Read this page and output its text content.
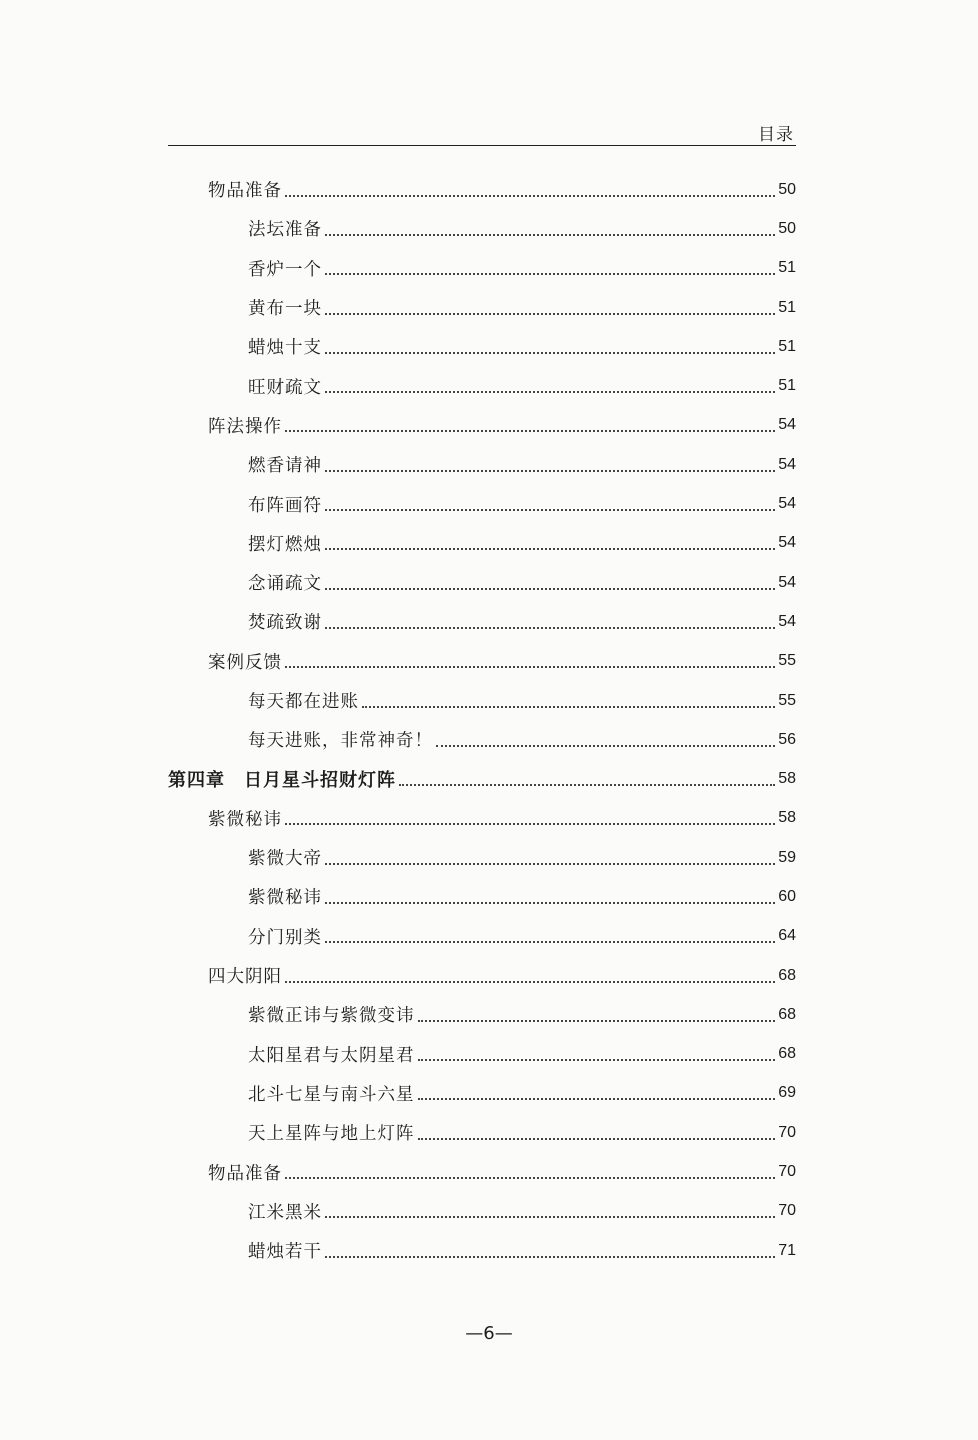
目录
物品准备	50
法坛准备	50
香炉一个	51
黄布一块	51
蜡烛十支	51
旺财疏文	51
阵法操作	54
燃香请神	54
布阵画符	54
摆灯燃烛	54
念诵疏文	54
焚疏致谢	54
案例反馈	55
每天都在进账	55
每天进账，非常神奇！	56
第四章　日月星斗招财灯阵	58
紫微秘讳	58
紫微大帝	59
紫微秘讳	60
分门别类	64
四大阴阳	68
紫微正讳与紫微变讳	68
太阳星君与太阴星君	68
北斗七星与南斗六星	69
天上星阵与地上灯阵	70
物品准备	70
江米黑米	70
蜡烛若干	71
—6—
